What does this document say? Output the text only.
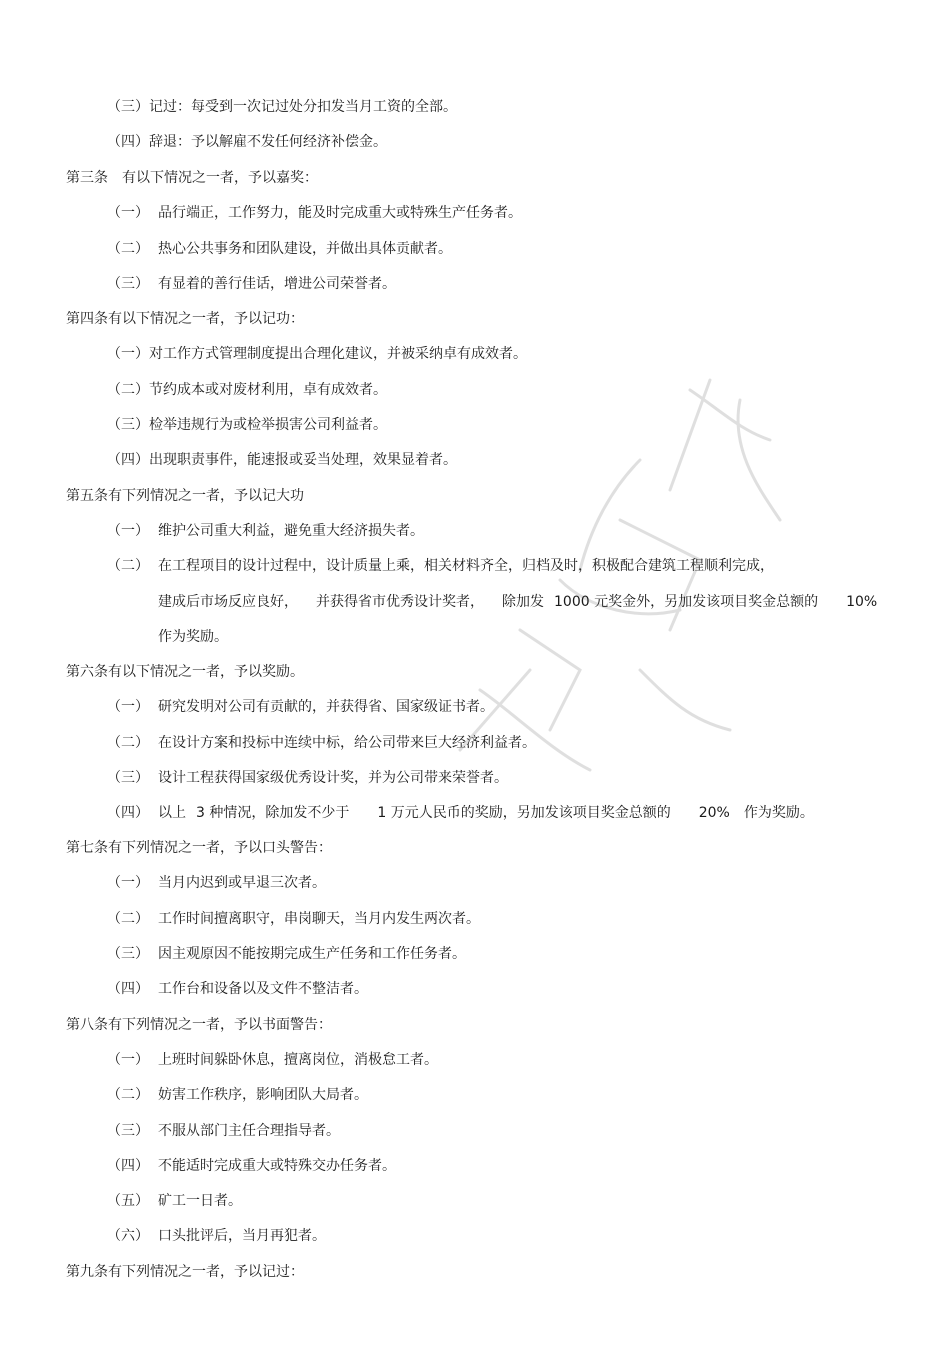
（三）记过：每受到一次记过处分扣发当月工资的全部。
（四）辞退：予以解雇不发任何经济补偿金。
第三条　有以下情况之一者，予以嘉奖：
（一） 品行端正，工作努力，能及时完成重大或特殊生产任务者。
（二） 热心公共事务和团队建设，并做出具体贡献者。
（三） 有显着的善行佳话，增进公司荣誉者。
第四条有以下情况之一者，予以记功：
（一）对工作方式管理制度提出合理化建议，并被采纳卓有成效者。
（二）节约成本或对废材利用，卓有成效者。
（三）检举违规行为或检举损害公司利益者。
（四）出现职责事件，能速报或妥当处理，效果显着者。
第五条有下列情况之一者，予以记大功
（一） 维护公司重大利益，避免重大经济损失者。
（二） 在工程项目的设计过程中，设计质量上乘，相关材料齐全，归档及时，积极配合建筑工程顺利完成，
建成后市场反应良好， 并获得省市优秀设计奖者， 除加发 1000 元奖金外，另加发该项目奖金总额的 10%
作为奖励。
第六条有以下情况之一者，予以奖励。
（一） 研究发明对公司有贡献的，并获得省、国家级证书者。
（二） 在设计方案和投标中连续中标，给公司带来巨大经济利益者。
（三） 设计工程获得国家级优秀设计奖，并为公司带来荣誉者。
（四） 以上 3 种情况，除加发不少于 1 万元人民币的奖励，另加发该项目奖金总额的 20% 作为奖励。
第七条有下列情况之一者，予以口头警告：
（一） 当月内迟到或早退三次者。
（二） 工作时间擅离职守，串岗聊天，当月内发生两次者。
（三） 因主观原因不能按期完成生产任务和工作任务者。
（四） 工作台和设备以及文件不整洁者。
第八条有下列情况之一者，予以书面警告：
（一） 上班时间躲卧休息，擅离岗位，消极怠工者。
（二） 妨害工作秩序，影响团队大局者。
（三） 不服从部门主任合理指导者。
（四） 不能适时完成重大或特殊交办任务者。
（五） 矿工一日者。
（六） 口头批评后，当月再犯者。
第九条有下列情况之一者，予以记过：
